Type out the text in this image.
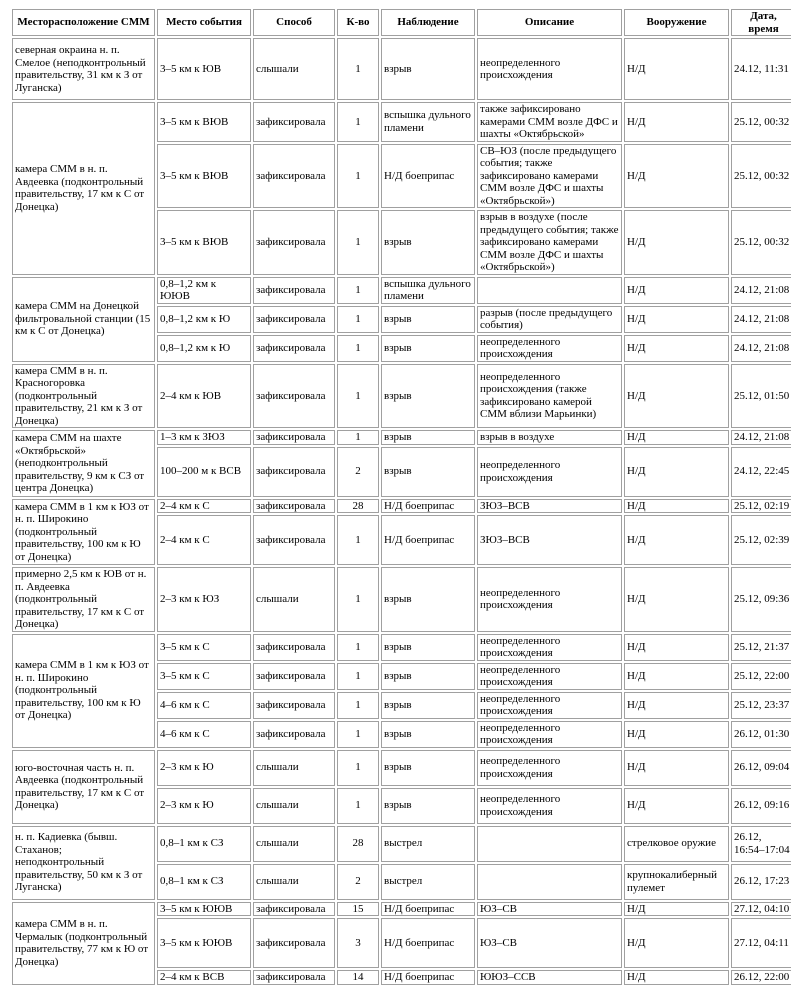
Месторасположение СММ	Место события	Способ	К-во	Наблюдение	Описание	Вооружение	Дата, время
северная окраина н. п. Смелое (неподконтрольный правительству, 31 км к З от Луганска)	3–5 км к ЮВ	слышали	1	взрыв	неопределенного происхождения	Н/Д	24.12, 11:31
камера СММ в н. п. Авдеевка (подконтрольный правительству, 17 км к С от Донецка)	3–5 км к ВЮВ	зафиксировала	1	вспышка дульного пламени	также зафиксировано камерами СММ возле ДФС и шахты «Октябрьской»	Н/Д	25.12, 00:32
	3–5 км к ВЮВ	зафиксировала	1	Н/Д боеприпас	СВ–ЮЗ (после предыдущего события; также зафиксировано камерами СММ возле ДФС и шахты «Октябрьской»)	Н/Д	25.12, 00:32
	3–5 км к ВЮВ	зафиксировала	1	взрыв	взрыв в воздухе (после предыдущего события; также зафиксировано камерами СММ возле ДФС и шахты «Октябрьской»)	Н/Д	25.12, 00:32
камера СММ на Донецкой фильтровальной станции (15 км к С от Донецка)	0,8–1,2 км к ЮЮВ	зафиксировала	1	вспышка дульного пламени		Н/Д	24.12, 21:08
	0,8–1,2 км к Ю	зафиксировала	1	взрыв	разрыв (после предыдущего события)	Н/Д	24.12, 21:08
	0,8–1,2 км к Ю	зафиксировала	1	взрыв	неопределенного происхождения	Н/Д	24.12, 21:08
камера СММ в н. п. Красногоровка (подконтрольный правительству, 21 км к З от Донецка)	2–4 км к ЮВ	зафиксировала	1	взрыв	неопределенного происхождения (также зафиксировано камерой СММ вблизи Марьинки)	Н/Д	25.12, 01:50
камера СММ на шахте «Октябрьской» (неподконтрольный правительству, 9 км к СЗ от центра Донецка)	1–3 км к ЗЮЗ	зафиксировала	1	взрыв	взрыв в воздухе	Н/Д	24.12, 21:08
	100–200 м к ВСВ	зафиксировала	2	взрыв	неопределенного происхождения	Н/Д	24.12, 22:45
камера СММ в 1 км к ЮЗ от н. п. Широкино (подконтрольный правительству, 100 км к Ю от Донецка)	2–4 км к С	зафиксировала	28	Н/Д боеприпас	ЗЮЗ–ВСВ	Н/Д	25.12, 02:19
	2–4 км к С	зафиксировала	1	Н/Д боеприпас	ЗЮЗ–ВСВ	Н/Д	25.12, 02:39
примерно 2,5 км к ЮВ от н. п. Авдеевка (подконтрольный правительству, 17 км к С от Донецка)	2–3 км к ЮЗ	слышали	1	взрыв	неопределенного происхождения	Н/Д	25.12, 09:36
камера СММ в 1 км к ЮЗ от н. п. Широкино (подконтрольный правительству, 100 км к Ю от Донецка)	3–5 км к С	зафиксировала	1	взрыв	неопределенного происхождения	Н/Д	25.12, 21:37
	3–5 км к С	зафиксировала	1	взрыв	неопределенного происхождения	Н/Д	25.12, 22:00
	4–6 км к С	зафиксировала	1	взрыв	неопределенного происхождения	Н/Д	25.12, 23:37
	4–6 км к С	зафиксировала	1	взрыв	неопределенного происхождения	Н/Д	26.12, 01:30
юго-восточная часть н. п. Авдеевка (подконтрольный правительству, 17 км к С от Донецка)	2–3 км к Ю	слышали	1	взрыв	неопределенного происхождения	Н/Д	26.12, 09:04
	2–3 км к Ю	слышали	1	взрыв	неопределенного происхождения	Н/Д	26.12, 09:16
н. п. Кадиевка (бывш. Стаханов; неподконтрольный правительству, 50 км к З от Луганска)	0,8–1 км к СЗ	слышали	28	выстрел		стрелковое оружие	26.12, 16:54–17:04
	0,8–1 км к СЗ	слышали	2	выстрел		крупнокалиберный пулемет	26.12, 17:23
камера СММ в н. п. Чермалык (подконтрольный правительству, 77 км к Ю от Донецка)	3–5 км к ЮЮВ	зафиксировала	15	Н/Д боеприпас	ЮЗ–СВ	Н/Д	27.12, 04:10
	3–5 км к ЮЮВ	зафиксировала	3	Н/Д боеприпас	ЮЗ–СВ	Н/Д	27.12, 04:11
	2–4 км к ВСВ	зафиксировала	14	Н/Д боеприпас	ЮЮЗ–ССВ	Н/Д	26.12, 22:00
